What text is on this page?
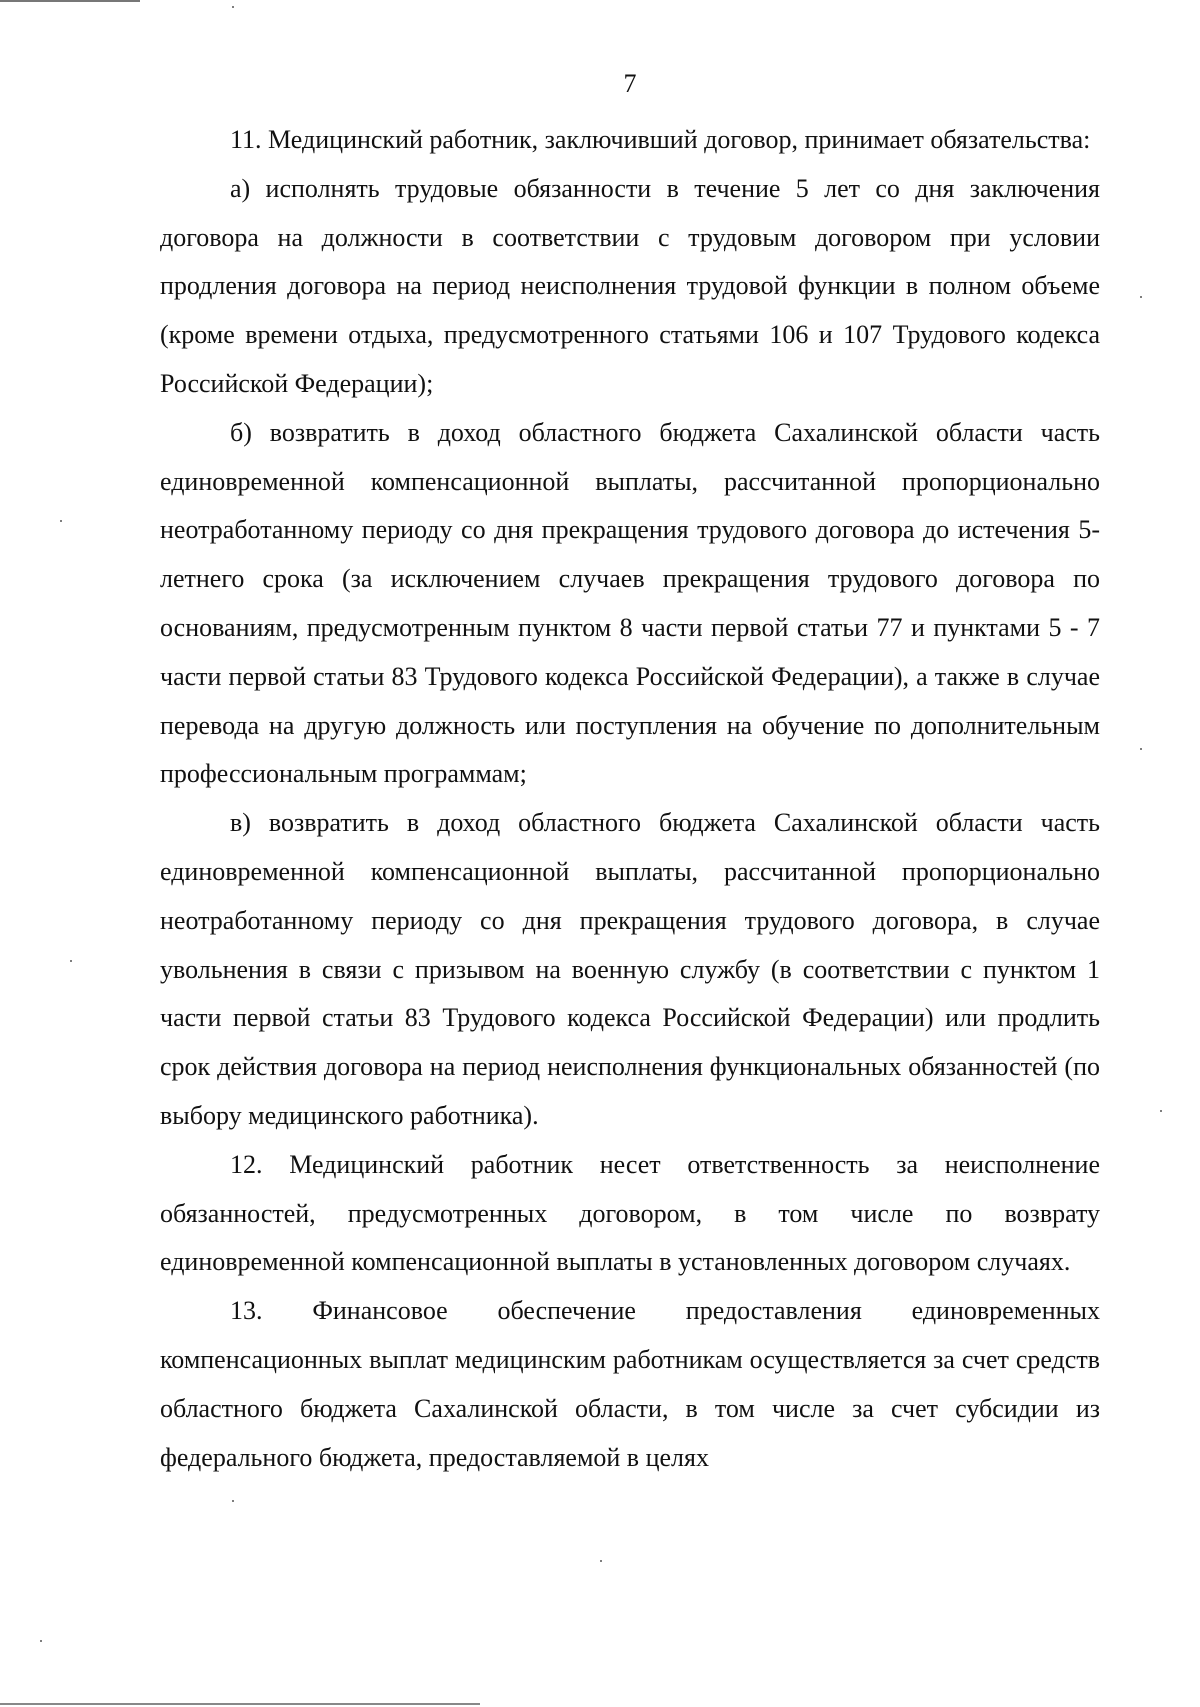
7

11. Медицинский работник, заключивший договор, принимает обязательства:

а) исполнять трудовые обязанности в течение 5 лет со дня заключения договора на должности в соответствии с трудовым договором при условии продления договора на период неисполнения трудовой функции в полном объеме (кроме времени отдыха, предусмотренного статьями 106 и 107 Трудового кодекса Российской Федерации);

б) возвратить в доход областного бюджета Сахалинской области часть единовременной компенсационной выплаты, рассчитанной пропорционально неотработанному периоду со дня прекращения трудового договора до истечения 5-летнего срока (за исключением случаев прекращения трудового договора по основаниям, предусмотренным пунктом 8 части первой статьи 77 и пунктами 5 - 7 части первой статьи 83 Трудового кодекса Российской Федерации), а также в случае перевода на другую должность или поступления на обучение по дополнительным профессиональным программам;

в) возвратить в доход областного бюджета Сахалинской области часть единовременной компенсационной выплаты, рассчитанной пропорционально неотработанному периоду со дня прекращения трудового договора, в случае увольнения в связи с призывом на военную службу (в соответствии с пунктом 1 части первой статьи 83 Трудового кодекса Российской Федерации) или продлить срок действия договора на период неисполнения функциональных обязанностей (по выбору медицинского работника).

12. Медицинский работник несет ответственность за неисполнение обязанностей, предусмотренных договором, в том числе по возврату единовременной компенсационной выплаты в установленных договором случаях.

13. Финансовое обеспечение предоставления единовременных компенсационных выплат медицинским работникам осуществляется за счет средств областного бюджета Сахалинской области, в том числе за счет субсидии из федерального бюджета, предоставляемой в целях
